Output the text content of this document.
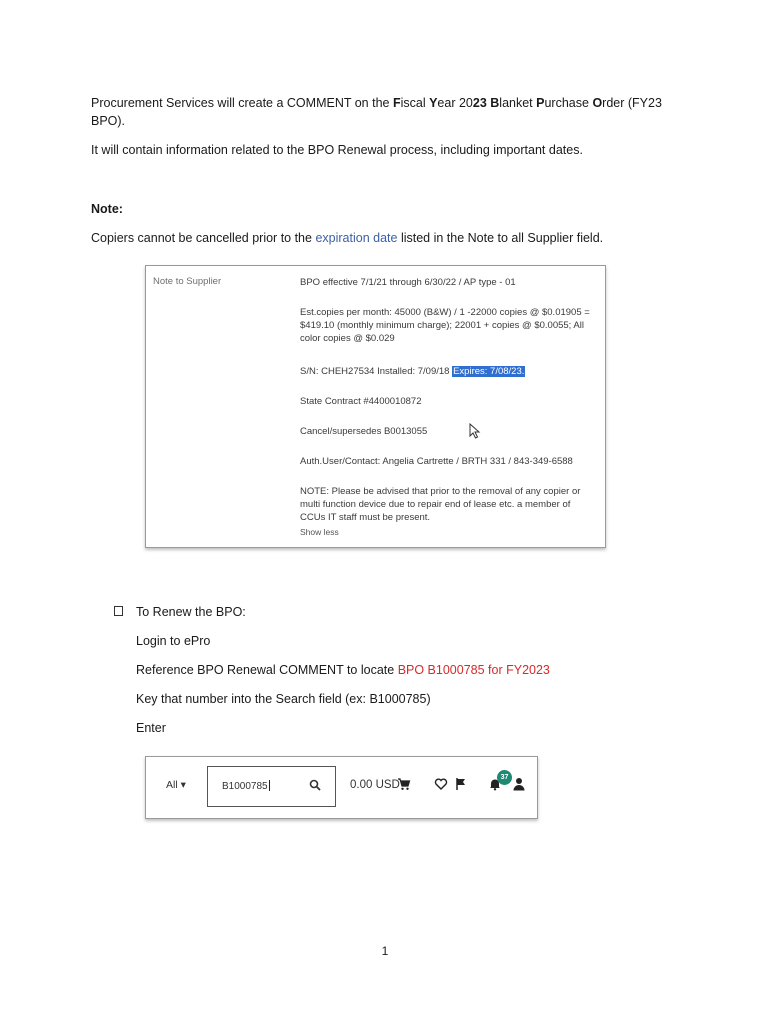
Procurement Services will create a COMMENT on the Fiscal Year 2023 Blanket Purchase Order (FY23 BPO).

It will contain information related to the BPO Renewal process, including important dates.

Note:

Copiers cannot be cancelled prior to the expiration date listed in the Note to all Supplier field.

Note to Supplier	BPO effective 7/1/21 through 6/30/22 / AP type - 01
Est.copies per month: 45000 (B&W) / 1 -22000 copies @ $0.01905 = $419.10 (monthly minimum charge); 22001 + copies @ $0.0055; All color copies @ $0.029
S/N: CHEH27534 Installed: 7/09/18 Expires: 7/08/23.
State Contract #4400010872
Cancel/supersedes B0013055
Auth.User/Contact: Angelia Cartrette / BRTH 331 / 843-349-6588
NOTE: Please be advised that prior to the removal of any copier or multi function device due to repair end of lease etc. a member of CCUs IT staff must be present.
Show less

To Renew the BPO:

Login to ePro

Reference BPO Renewal COMMENT to locate BPO B1000785 for FY2023

Key that number into the Search field (ex: B1000785)

Enter

All ▾	B1000785	0.00 USD
37
1
